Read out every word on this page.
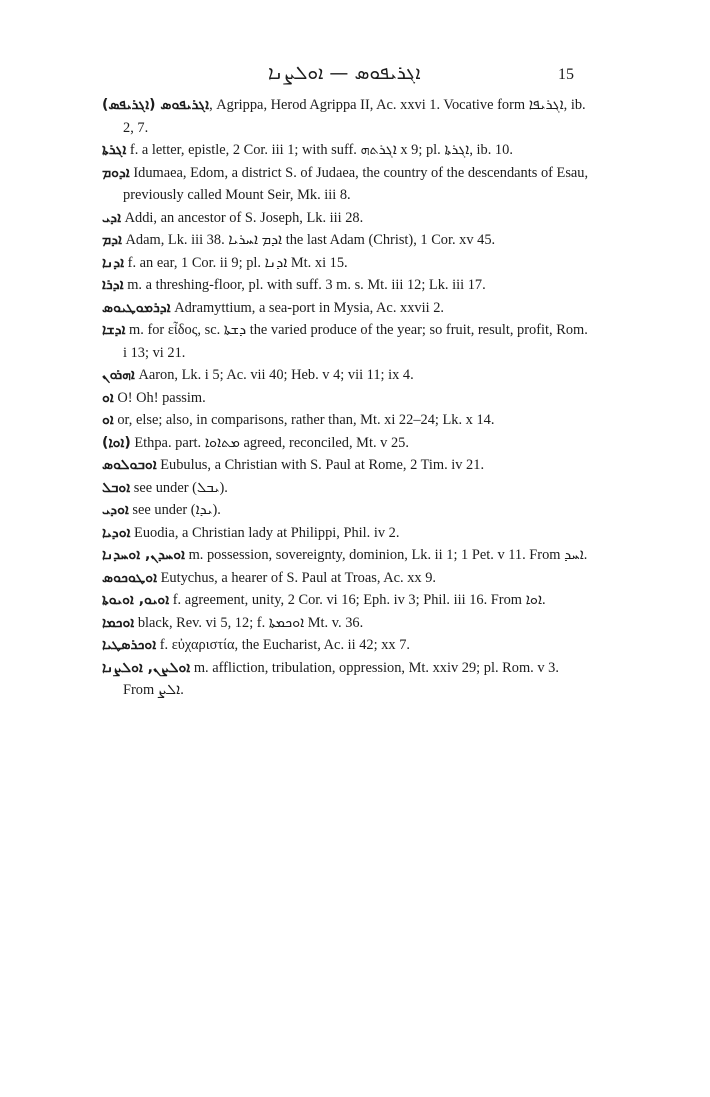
ܐܓܪܝܦܘܣ — ܐܘܠܨܢܐ	15

ܐܓܪܝܦܘܣ (ܐܓܪܝܦܣ), Agrippa, Herod Agrippa II, Ac. xxvi 1. Vocative form ܐܓܪܝܦܐ, ib. 2, 7.

ܐܓܪܬܐ f. a letter, epistle, 2 Cor. iii 1; with suff. ܐܓܪܬܗ x 9; pl. ܐܓܪܬܐ, ib. 10.

ܐܕܘܡ Idumaea, Edom, a district S. of Judaea, the country of the descendants of Esau, previously called Mount Seir, Mk. iii 8.

ܐܕܝ Addi, an ancestor of S. Joseph, Lk. iii 28.

ܐܕܡ Adam, Lk. iii 38. ܐܕܡ ܐܚܪܝܐ the last Adam (Christ), 1 Cor. xv 45.

ܐܕܢܐ f. an ear, 1 Cor. ii 9; pl. ܐܕܢܐ Mt. xi 15.

ܐܕܪܐ m. a threshing-floor, pl. with suff. 3 m. s. Mt. iii 12; Lk. iii 17.

ܐܕܪܡܘܛܝܘܣ Adramyttium, a sea-port in Mysia, Ac. xxvii 2.

ܐܕܫܐ m. for εἶδος, sc. ܕܫܬܐ the varied produce of the year; so fruit, result, profit, Rom. i 13; vi 21.

ܐܗܪܘܢ Aaron, Lk. i 5; Ac. vii 40; Heb. v 4; vii 11; ix 4.

ܐܘ O! Oh! passim.

ܐܘ or, else; also, in comparisons, rather than, Mt. xi 22–24; Lk. x 14.

(ܐܘܐ) Ethpa. part. ܡܬܐܘܐ agreed, reconciled, Mt. v 25.

ܐܘܒܘܠܘܣ Eubulus, a Christian with S. Paul at Rome, 2 Tim. iv 21.

ܐܘܒܠ see under (ܝܒܠ).

ܐܘܕܝ see under (ܝܕܐ).

ܐܘܕܝܐ Euodia, a Christian lady at Philippi, Phil. iv 2.

ܐܘܚܕܢ, ܐܘܚܕܢܐ m. possession, sovereignty, dominion, Lk. ii 1; 1 Pet. v 11. From ܐܚܕ.

ܐܘܛܘܟܘܣ Eutychus, a hearer of S. Paul at Troas, Ac. xx 9.

ܐܘܝܘ, ܐܘܝܘܬܐ f. agreement, unity, 2 Cor. vi 16; Eph. iv 3; Phil. iii 16. From ܐܘܐ.

ܐܘܟܡܐ black, Rev. vi 5, 12; f. ܐܘܟܡܬܐ Mt. v. 36.

ܐܘܟܪܣܛܝܐ f. εὐχαριστία, the Eucharist, Ac. ii 42; xx 7.

ܐܘܠܨܢ, ܐܘܠܨܢܐ m. affliction, tribulation, oppression, Mt. xxiv 29; pl. Rom. v 3. From ܐܠܨ.
